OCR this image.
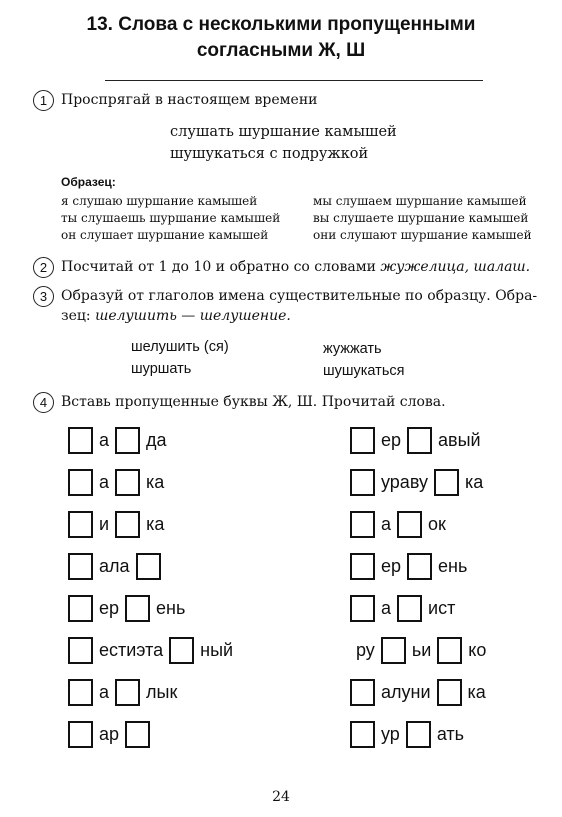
13. Слова с несколькими пропущенными
согласными Ж, Ш
1 Проспрягай в настоящем времени
слушать шуршание камышей
шушукаться с подружкой
Образец:
я слушаю шуршание камышей
ты слушаешь шуршание камышей
он слушает шуршание камышей
мы слушаем шуршание камышей
вы слушаете шуршание камышей
они слушают шуршание камышей
2 Посчитай от 1 до 10 и обратно со словами жужелица, шалаш.
3 Образуй от глаголов имена существительные по образцу. Обра-
зец: шелушить — шелушение.
шелушить (ся)
шуршать
жужжать
шушукаться
4 Вставь пропущенные буквы Ж, Ш. Прочитай слова.
а	да
а	ка
и	ка
ала
ер	ень
естиэта	ный
а	лык
ар
ер	авый
ураву	ка
а	ок
ер	ень
а	ист
ру	ьи	ко
алуни	ка
ур	ать
24
